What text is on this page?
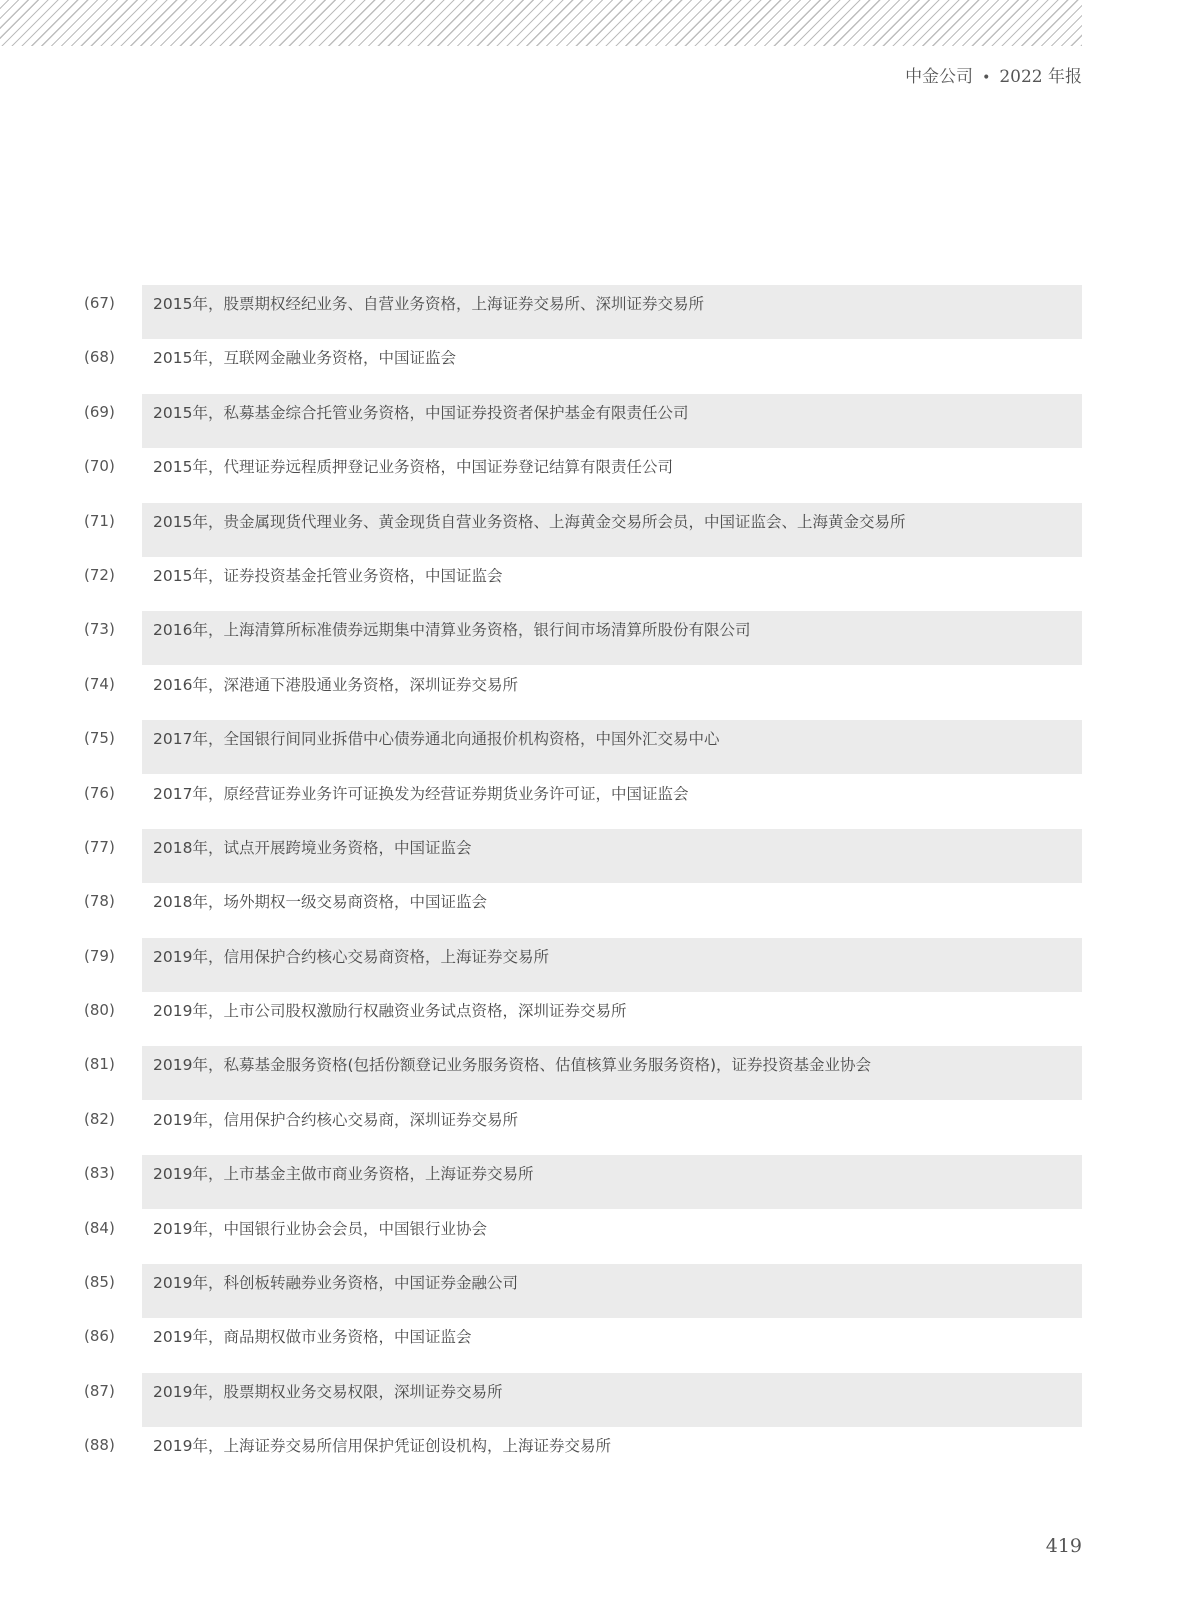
中金公司 • 2022 年报
(67) 2015年，股票期权经纪业务、自营业务资格，上海证券交易所、深圳证券交易所
(68) 2015年，互联网金融业务资格，中国证监会
(69) 2015年，私募基金综合托管业务资格，中国证券投资者保护基金有限责任公司
(70) 2015年，代理证券远程质押登记业务资格，中国证券登记结算有限责任公司
(71) 2015年，贵金属现货代理业务、黄金现货自营业务资格、上海黄金交易所会员，中国证监会、上海黄金交易所
(72) 2015年，证券投资基金托管业务资格，中国证监会
(73) 2016年，上海清算所标准债券远期集中清算业务资格，银行间市场清算所股份有限公司
(74) 2016年，深港通下港股通业务资格，深圳证券交易所
(75) 2017年，全国银行间同业拆借中心债券通北向通报价机构资格，中国外汇交易中心
(76) 2017年，原经营证券业务许可证换发为经营证券期货业务许可证，中国证监会
(77) 2018年，试点开展跨境业务资格，中国证监会
(78) 2018年，场外期权一级交易商资格，中国证监会
(79) 2019年，信用保护合约核心交易商资格，上海证券交易所
(80) 2019年，上市公司股权激励行权融资业务试点资格，深圳证券交易所
(81) 2019年，私募基金服务资格(包括份额登记业务服务资格、估值核算业务服务资格)，证券投资基金业协会
(82) 2019年，信用保护合约核心交易商，深圳证券交易所
(83) 2019年，上市基金主做市商业务资格，上海证券交易所
(84) 2019年，中国银行业协会会员，中国银行业协会
(85) 2019年，科创板转融券业务资格，中国证券金融公司
(86) 2019年，商品期权做市业务资格，中国证监会
(87) 2019年，股票期权业务交易权限，深圳证券交易所
(88) 2019年，上海证券交易所信用保护凭证创设机构，上海证券交易所
419
